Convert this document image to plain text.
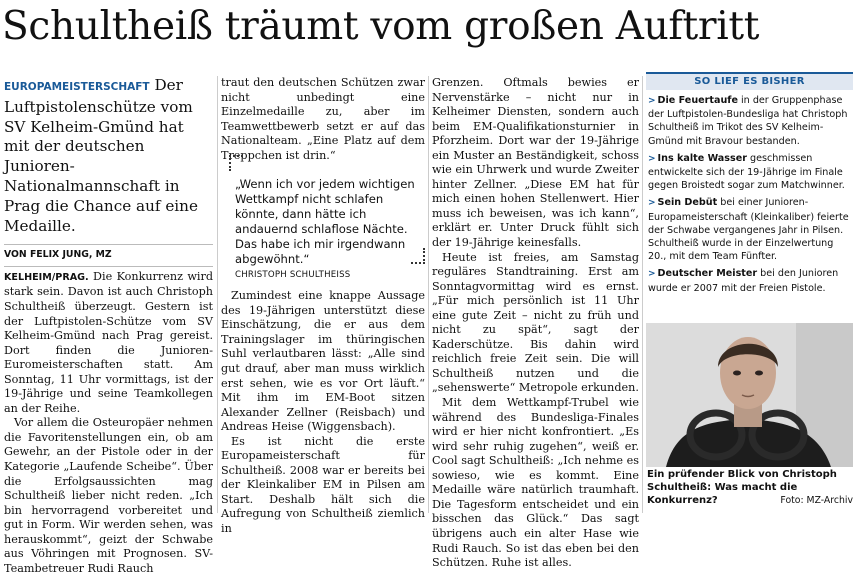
Schultheiß träumt vom großen Auftritt

EUROPAMEISTERSCHAFT Der Luftpistolenschütze vom SV Kelheim-Gmünd hat mit der deutschen Junioren-Nationalmannschaft in Prag die Chance auf eine Medaille.

VON FELIX JUNG, MZ

KELHEIM/PRAG. Die Konkurrenz wird stark sein. Davon ist auch Christoph Schultheiß überzeugt. Gestern ist der Luftpistolen-Schütze vom SV Kelheim-Gmünd nach Prag gereist. Dort finden die Junioren-Euromeisterschaften statt. Am Sonntag, 11 Uhr vormittags, ist der 19-Jährige und seine Teamkollegen an der Reihe.

Vor allem die Osteuropäer nehmen die Favoritenstellungen ein, ob am Gewehr, an der Pistole oder in der Kategorie „Laufende Scheibe“. Über die Erfolgsaussichten mag Schultheiß lieber nicht reden. „Ich bin hervorragend vorbereitet und gut in Form. Wir werden sehen, was herauskommt“, geizt der Schwabe aus Vöhringen mit Prognosen. SV-Teambetreuer Rudi Rauch

traut den deutschen Schützen zwar nicht unbedingt eine Einzelmedaille zu, aber im Teamwettbewerb setzt er auf das Nationalteam. „Eine Platz auf dem Treppchen ist drin.“

Zumindest eine knappe Aussage des 19-Jährigen unterstützt diese Einschätzung, die er aus dem Trainingslager im thüringischen Suhl verlautbaren lässt: „Alle sind gut drauf, aber man muss wirklich erst sehen, wie es vor Ort läuft.“ Mit ihm im EM-Boot sitzen Alexander Zellner (Reisbach) und Andreas Heise (Wiggensbach).

Es ist nicht die erste Europameisterschaft für Schultheiß. 2008 war er bereits bei der Kleinkaliber EM in Pilsen am Start. Deshalb hält sich die Aufregung von Schultheiß ziemlich in

„Wenn ich vor jedem wichtigen Wettkampf nicht schlafen könnte, dann hätte ich andauernd schlaflose Nächte. Das habe ich mir irgendwann abgewöhnt.“
CHRISTOPH SCHULTHEISS

Grenzen. Oftmals bewies er Nervenstärke – nicht nur in Kelheimer Diensten, sondern auch beim EM-Qualifikationsturnier in Pforzheim. Dort war der 19-Jährige ein Muster an Beständigkeit, schoss wie ein Uhrwerk und wurde Zweiter hinter Zellner. „Diese EM hat für mich einen hohen Stellenwert. Hier muss ich beweisen, was ich kann“, erklärt er. Unter Druck fühlt sich der 19-Jährige keinesfalls.

Heute ist freies, am Samstag reguläres Standtraining. Erst am Sonntagvormittag wird es ernst. „Für mich persönlich ist 11 Uhr eine gute Zeit – nicht zu früh und nicht zu spät“, sagt der Kaderschütze. Bis dahin wird reichlich freie Zeit sein. Die will Schultheiß nutzen und die „sehenswerte“ Metropole erkunden.

Mit dem Wettkampf-Trubel wie während des Bundesliga-Finales wird er hier nicht konfrontiert. „Es wird sehr ruhig zugehen“, weiß er. Cool sagt Schultheiß: „Ich nehme es sowieso, wie es kommt. Eine Medaille wäre natürlich traumhaft. Die Tagesform entscheidet und ein bisschen das Glück.“ Das sagt übrigens auch ein alter Hase wie Rudi Rauch. So ist das eben bei den Schützen. Ruhe ist alles.

SO LIEF ES BISHER
> Die Feuertaufe in der Gruppenphase der Luftpistolen-Bundesliga hat Christoph Schultheiß im Trikot des SV Kelheim-Gmünd mit Bravour bestanden.
> Ins kalte Wasser geschmissen entwickelte sich der 19-Jährige im Finale gegen Broistedt sogar zum Matchwinner.
> Sein Debüt bei einer Junioren-Europameisterschaft (Kleinkaliber) feierte der Schwabe vergangenes Jahr in Pilsen. Schultheiß wurde in der Einzelwertung 20., mit dem Team Fünfter.
> Deutscher Meister bei den Junioren wurde er 2007 mit der Freien Pistole.
Ein prüfender Blick von Christoph Schultheiß: Was macht die Konkurrenz?	Foto: MZ-Archiv
